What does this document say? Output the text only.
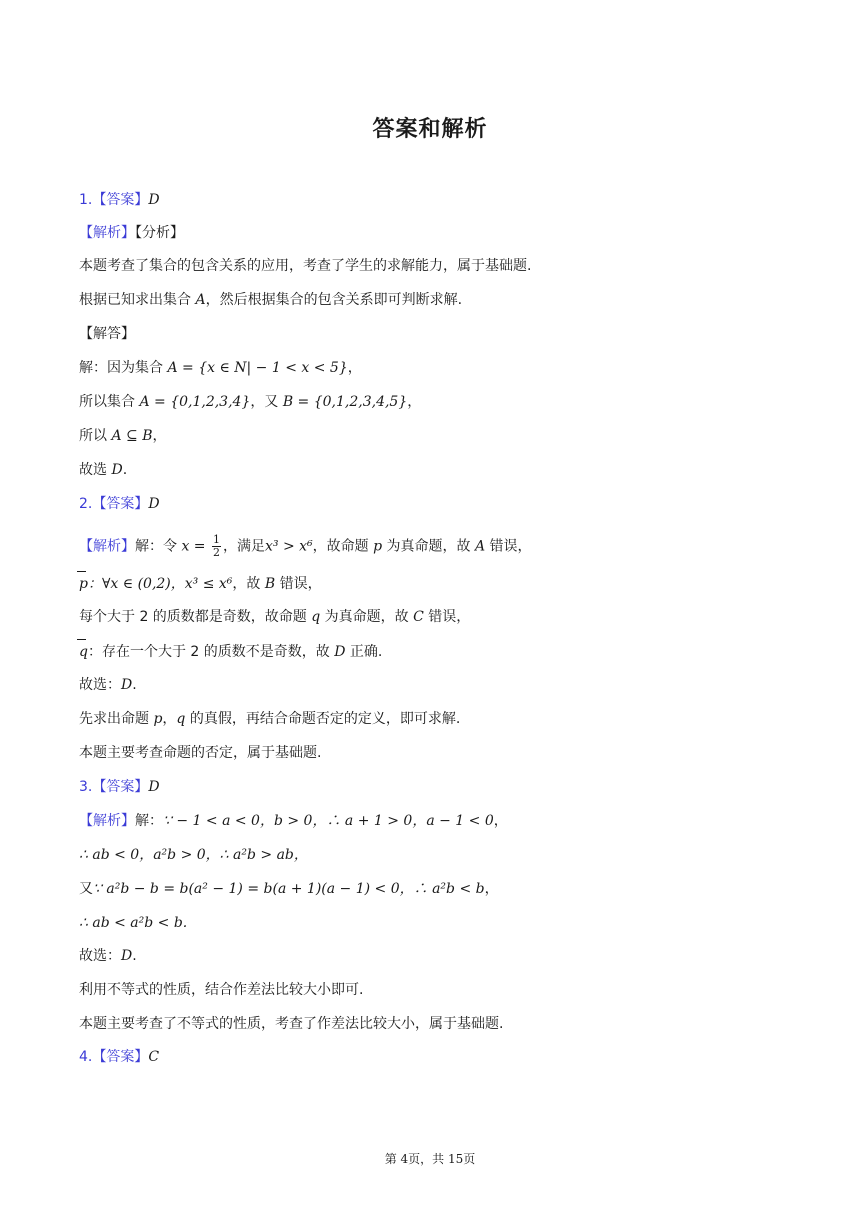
答案和解析
1.【答案】D
【解析】【分析】
本题考查了集合的包含关系的应用，考查了学生的求解能力，属于基础题.
根据已知求出集合 A，然后根据集合的包含关系即可判断求解.
【解答】
解：因为集合 A = {x ∈ N| − 1 < x < 5}，
所以集合 A = {0,1,2,3,4}，又 B = {0,1,2,3,4,5}，
所以 A ⊆ B，
故选 D.
2.【答案】D
【解析】解：令 $x = \frac{1}{2}$ ，满足x³ > x⁶，故命题 p 为真命题，故 A 错误，
p：∀x ∈ (0,2)，x³ ≤ x⁶，故 B 错误，
每个大于 2 的质数都是奇数，故命题 q 为真命题，故 C 错误，
q：存在一个大于 2 的质数不是奇数，故 D 正确.
故选：D.
先求出命题 p，q 的真假，再结合命题否定的定义，即可求解.
本题主要考查命题的否定，属于基础题.
3.【答案】D
【解析】解：∵ − 1 < a < 0，b > 0，∴ a + 1 > 0，a − 1 < 0，
∴ ab < 0，a²b > 0，∴ a²b > ab，
又∵ a²b − b = b(a² − 1) = b(a + 1)(a − 1) < 0，∴ a²b < b，
∴ ab < a²b < b.
故选：D.
利用不等式的性质，结合作差法比较大小即可.
本题主要考查了不等式的性质，考查了作差法比较大小，属于基础题.
4.【答案】C
第 4页，共 15页
